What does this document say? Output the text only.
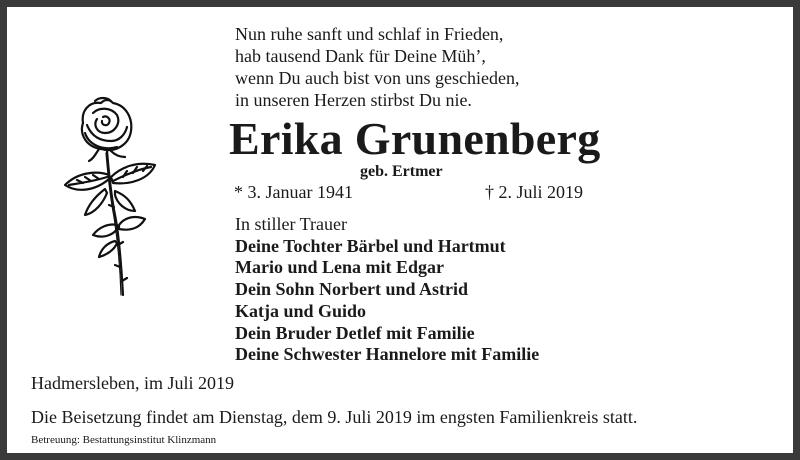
Nun ruhe sanft und schlaf in Frieden,
hab tausend Dank für Deine Müh’,
wenn Du auch bist von uns geschieden,
in unseren Herzen stirbst Du nie.
Erika Grunenberg
geb. Ertmer
* 3. Januar 1941	† 2. Juli 2019
In stiller Trauer
Deine Tochter Bärbel und Hartmut
Mario und Lena mit Edgar
Dein Sohn Norbert und Astrid
Katja und Guido
Dein Bruder Detlef mit Familie
Deine Schwester Hannelore mit Familie
Hadmersleben, im Juli 2019
Die Beisetzung findet am Dienstag, dem 9. Juli 2019 im engsten Familienkreis statt.
Betreuung: Bestattungsinstitut Klinzmann
